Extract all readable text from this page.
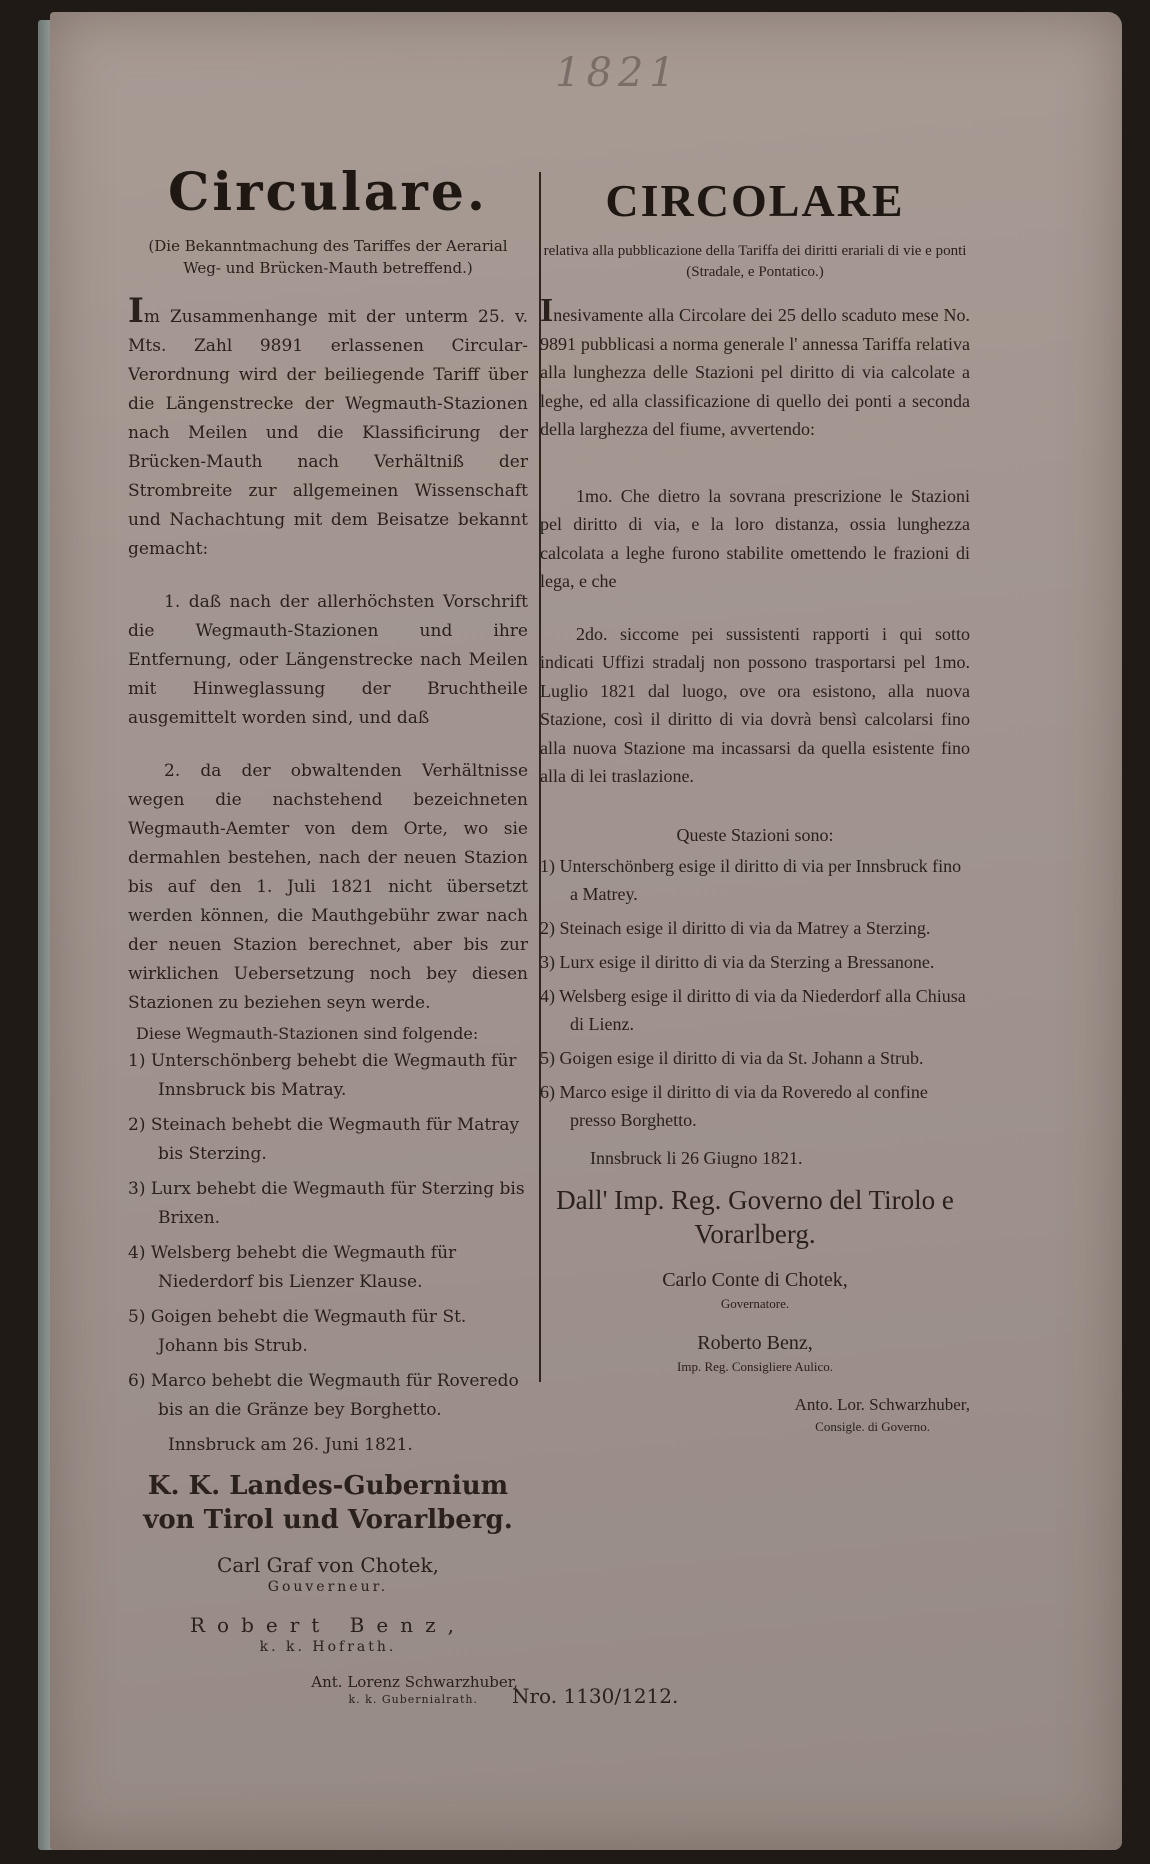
1821
Circulare.

(Die Bekanntmachung des Tariffes der Aerarial Weg- und Brücken-Mauth betreffend.)

Im Zusammenhange mit der unterm 25. v. Mts. Zahl 9891 erlassenen Circular-Verordnung wird der beiliegende Tariff über die Längenstrecke der Wegmauth-Stazionen nach Meilen und die Klassificirung der Brücken-Mauth nach Verhältniß der Strombreite zur allgemeinen Wissenschaft und Nachachtung mit dem Beisatze bekannt gemacht:

1. daß nach der allerhöchsten Vorschrift die Wegmauth-Stazionen und ihre Entfernung, oder Längenstrecke nach Meilen mit Hinweglassung der Bruchtheile ausgemittelt worden sind, und daß

2. da der obwaltenden Verhältnisse wegen die nachstehend bezeichneten Wegmauth-Aemter von dem Orte, wo sie dermahlen bestehen, nach der neuen Stazion bis auf den 1. Juli 1821 nicht übersetzt werden können, die Mauthgebühr zwar nach der neuen Stazion berechnet, aber bis zur wirklichen Uebersetzung noch bey diesen Stazionen zu beziehen seyn werde.

Diese Wegmauth-Stazionen sind folgende:

1) Unterschönberg behebt die Wegmauth für Innsbruck bis Matray.
2) Steinach behebt die Wegmauth für Matray bis Sterzing.
3) Lurx behebt die Wegmauth für Sterzing bis Brixen.
4) Welsberg behebt die Wegmauth für Niederdorf bis Lienzer Klause.
5) Goigen behebt die Wegmauth für St. Johann bis Strub.
6) Marco behebt die Wegmauth für Roveredo bis an die Gränze bey Borghetto.

Innsbruck am 26. Juni 1821.

K. K. Landes-Gubernium von Tirol und Vorarlberg.

Carl Graf von Chotek,

Gouverneur.

Robert Benz,

k. k. Hofrath.

Ant. Lorenz Schwarzhuber,

k. k. Gubernialrath.

CIRCOLARE

relativa alla pubblicazione della Tariffa dei diritti erariali di vie e ponti (Stradale, e Pontatico.)

Inesivamente alla Circolare dei 25 dello scaduto mese No. 9891 pubblicasi a norma generale l' annessa Tariffa relativa alla lunghezza delle Stazioni pel diritto di via calcolate a leghe, ed alla classificazione di quello dei ponti a seconda della larghezza del fiume, avvertendo:

1mo. Che dietro la sovrana prescrizione le Stazioni pel diritto di via, e la loro distanza, ossia lunghezza calcolata a leghe furono stabilite omettendo le frazioni di lega, e che

2do. siccome pei sussistenti rapporti i qui sotto indicati Uffizi stradalj non possono trasportarsi pel 1mo. Luglio 1821 dal luogo, ove ora esistono, alla nuova Stazione, così il diritto di via dovrà bensì calcolarsi fino alla nuova Stazione ma incassarsi da quella esistente fino alla di lei traslazione.

Queste Stazioni sono:

1) Unterschönberg esige il diritto di via per Innsbruck fino a Matrey.
2) Steinach esige il diritto di via da Matrey a Sterzing.
3) Lurx esige il diritto di via da Sterzing a Bressanone.
4) Welsberg esige il diritto di via da Niederdorf alla Chiusa di Lienz.
5) Goigen esige il diritto di via da St. Johann a Strub.
6) Marco esige il diritto di via da Roveredo al confine presso Borghetto.

Innsbruck li 26 Giugno 1821.

Dall' Imp. Reg. Governo del Tirolo e Vorarlberg.

Carlo Conte di Chotek,

Governatore.

Roberto Benz,

Imp. Reg. Consigliere Aulico.

Anto. Lor. Schwarzhuber,

Consigle. di Governo.

Nro. 1130/1212.
